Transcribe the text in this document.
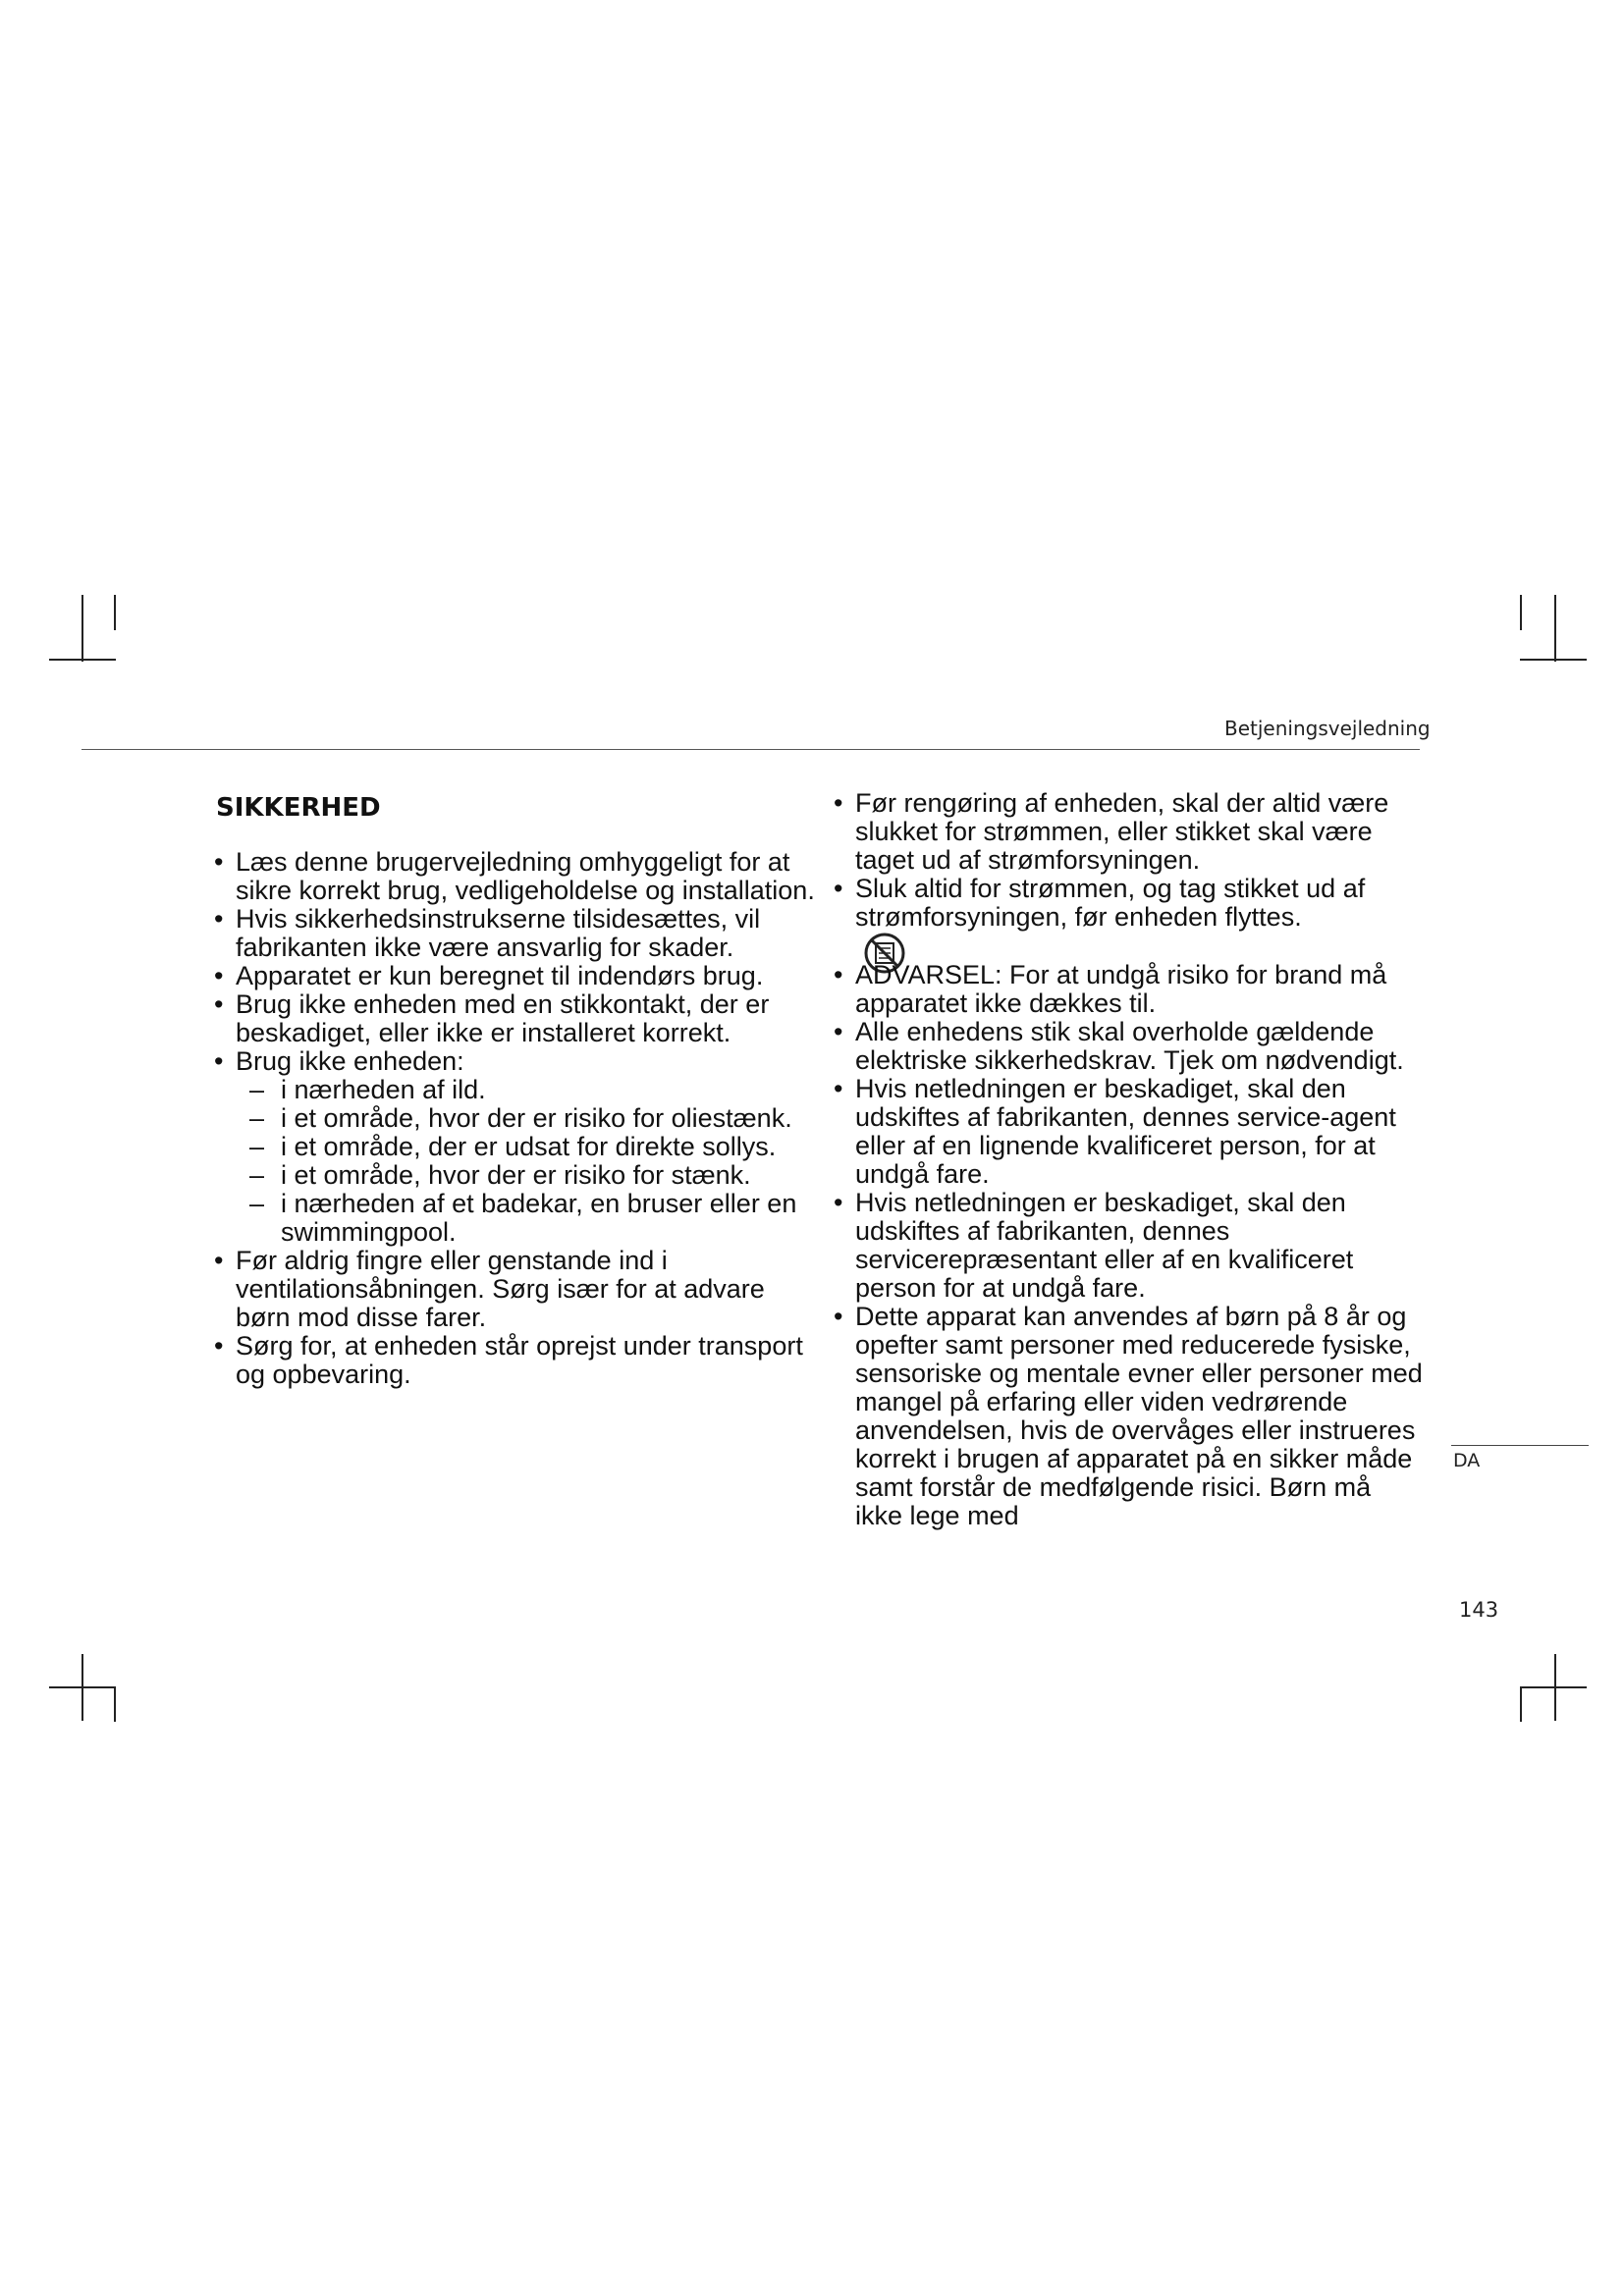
Betjeningsvejledning
SIKKERHED
• Læs denne brugervejledning omhyggeligt for at sikre korrekt brug, vedligeholdelse og installation.
• Hvis sikkerhedsinstrukserne tilsidesættes, vil fabrikanten ikke være ansvarlig for skader.
• Apparatet er kun beregnet til indendørs brug.
• Brug ikke enheden med en stikkontakt, der er beskadiget, eller ikke er installeret korrekt.
• Brug ikke enheden:
– i nærheden af ild.
– i et område, hvor der er risiko for oliestænk.
– i et område, der er udsat for direkte sollys.
– i et område, hvor der er risiko for stænk.
– i nærheden af et badekar, en bruser eller en swimmingpool.
• Før aldrig fingre eller genstande ind i ventilationsåbningen. Sørg især for at advare børn mod disse farer.
• Sørg for, at enheden står oprejst under transport og opbevaring.
• Før rengøring af enheden, skal der altid være slukket for strømmen, eller stikket skal være taget ud af strømforsyningen.
• Sluk altid for strømmen, og tag stikket ud af strømforsyningen, før enheden flyttes.
• ADVARSEL: For at undgå risiko for brand må apparatet ikke dækkes til.
• Alle enhedens stik skal overholde gældende elektriske sikkerhedskrav. Tjek om nødvendigt.
• Hvis netledningen er beskadiget, skal den udskiftes af fabrikanten, dennes service-agent eller af en lignende kvalificeret person, for at undgå fare.
• Hvis netledningen er beskadiget, skal den udskiftes af fabrikanten, dennes servicerepræsentant eller af en kvalificeret person for at undgå fare.
• Dette apparat kan anvendes af børn på 8 år og opefter samt personer med reducerede fysiske, sensoriske og mentale evner eller personer med mangel på erfaring eller viden vedrørende anvendelsen, hvis de overvåges eller instrueres korrekt i brugen af apparatet på en sikker måde samt forstår de medfølgende risici. Børn må ikke lege med
DA
143
